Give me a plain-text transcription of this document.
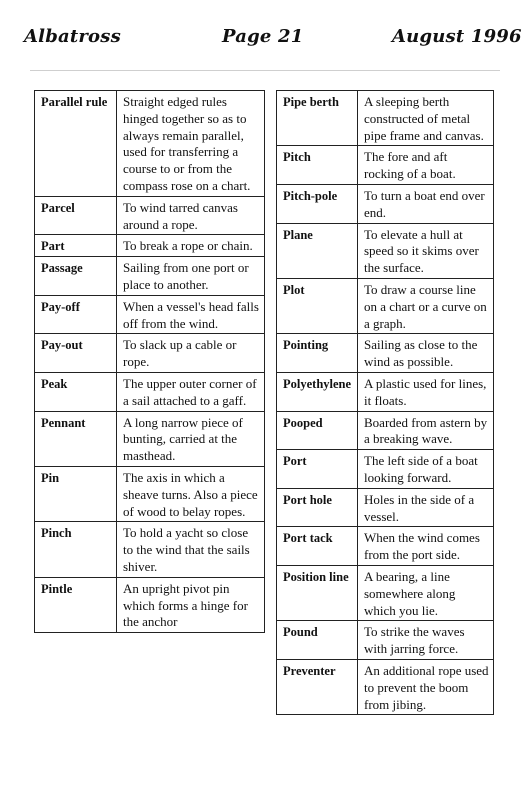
Albatross	Page 21	August 1996
Parallel rule	Straight edged rules hinged together so as to always remain parallel, used for transferring a course to or from the compass rose on a chart.
Parcel	To wind tarred canvas around a rope.
Part	To break a rope or chain.
Passage	Sailing from one port or place to another.
Pay-off	When a vessel's head falls off from the wind.
Pay-out	To slack up a cable or rope.
Peak	The upper outer corner of a sail attached to a gaff.
Pennant	A long narrow piece of bunting, carried at the masthead.
Pin	The axis in which a sheave turns. Also a piece of wood to belay ropes.
Pinch	To hold a yacht so close to the wind that the sails shiver.
Pintle	An upright pivot pin which forms a hinge for the anchor
Pipe berth	A sleeping berth constructed of metal pipe frame and canvas.
Pitch	The fore and aft rocking of a boat.
Pitch-pole	To turn a boat end over end.
Plane	To elevate a hull at speed so it skims over the surface.
Plot	To draw a course line on a chart or a curve on a graph.
Pointing	Sailing as close to the wind as possible.
Polyethylene	A plastic used for lines, it floats.
Pooped	Boarded from astern by a breaking wave.
Port	The left side of a boat looking forward.
Port hole	Holes in the side of a vessel.
Port tack	When the wind comes from the port side.
Position line	A bearing, a line somewhere along which you lie.
Pound	To strike the waves with jarring force.
Preventer	An additional rope used to prevent the boom from jibing.
